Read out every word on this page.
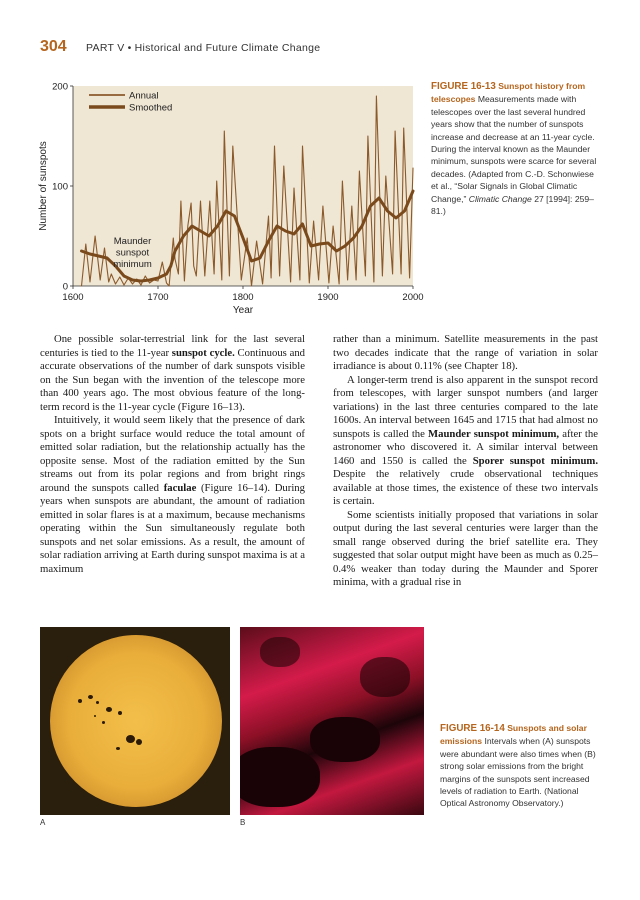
304 PART V • Historical and Future Climate Change
0
100
200
1600	1700	1800	1900	2000
Year
Number of sunspots
Annual
Smoothed
Maunder
sunspot
minimum
FIGURE 16-13 Sunspot history from telescopes Measurements made with telescopes over the last several hundred years show that the number of sunspots increase and decrease at an 11-year cycle. During the interval known as the Maunder minimum, sunspots were scarce for several decades. (Adapted from C.-D. Schonwiese et al., “Solar Signals in Global Climatic Change,” Climatic Change 27 [1994]: 259–81.)

One possible solar-terrestrial link for the last several centuries is tied to the 11-year sunspot cycle. Continuous and accurate observations of the number of dark sunspots visible on the Sun began with the invention of the telescope more than 400 years ago. The most obvious feature of the long-term record is the 11-year cycle (Figure 16–13).

Intuitively, it would seem likely that the presence of dark spots on a bright surface would reduce the total amount of emitted solar radiation, but the relationship actually has the opposite sense. Most of the radiation emitted by the Sun streams out from its polar regions and from bright rings around the sunspots called faculae (Figure 16–14). During years when sunspots are abundant, the amount of radiation emitted in solar flares is at a maximum, because mechanisms operating within the Sun simultaneously regulate both sunspots and net solar emissions. As a result, the amount of solar radiation arriving at Earth during sunspot maxima is at a maximum

rather than a minimum. Satellite measurements in the past two decades indicate that the range of variation in solar irradiance is about 0.11% (see Chapter 18).

A longer-term trend is also apparent in the sunspot record from telescopes, with larger sunspot numbers (and larger variations) in the last three centuries compared to the late 1600s. An interval between 1645 and 1715 that had almost no sunspots is called the Maunder sunspot minimum, after the astronomer who discovered it. A similar interval between 1460 and 1550 is called the Sporer sunspot minimum. Despite the relatively crude observational techniques available at those times, the existence of these two intervals is certain.

Some scientists initially proposed that variations in solar output during the last several centuries were larger than the small range observed during the brief satellite era. They suggested that solar output might have been as much as 0.25–0.4% weaker than today during the Maunder and Sporer minima, with a gradual rise in

A	B
FIGURE 16-14 Sunspots and solar emissions Intervals when (A) sunspots were abundant were also times when (B) strong solar emissions from the bright margins of the sunspots sent increased levels of radiation to Earth. (National Optical Astronomy Observatory.)
